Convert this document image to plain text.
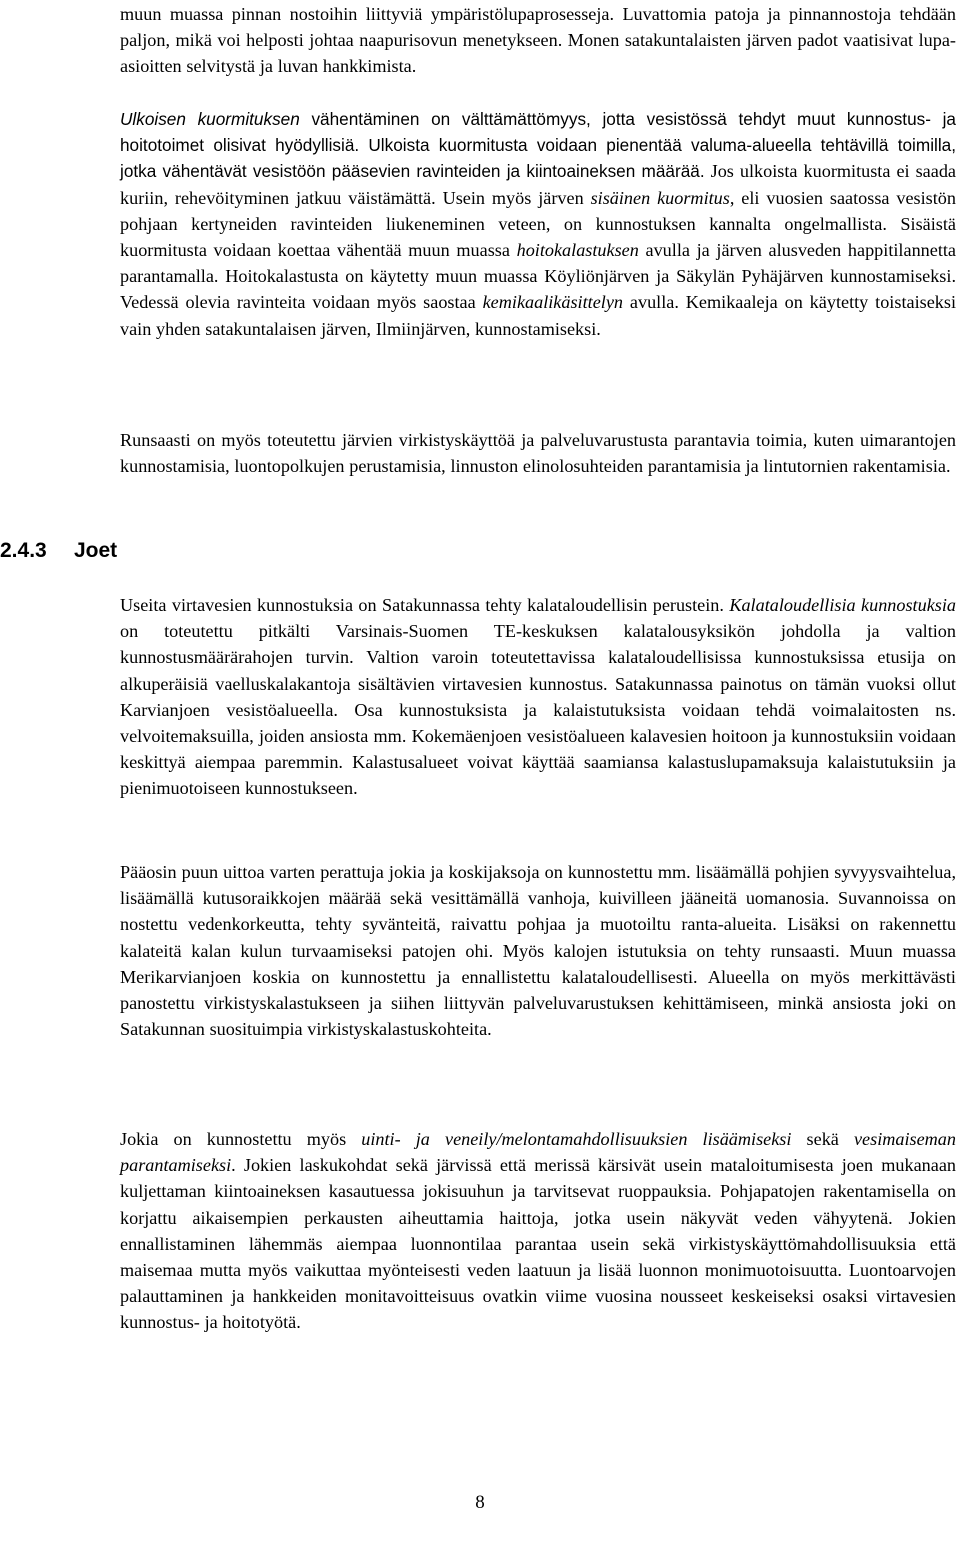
muun muassa pinnan nostoihin liittyviä ympäristölupaprosesseja. Luvattomia patoja ja pinnannostoja tehdään paljon, mikä voi helposti johtaa naapurisovun menetykseen. Monen satakuntalaisten järven padot vaatisivat lupa-asioitten selvitystä ja luvan hankkimista.

Ulkoisen kuormituksen vähentäminen on välttämättömyys, jotta vesistössä tehdyt muut kunnostus- ja hoitotoimet olisivat hyödyllisiä. Ulkoista kuormitusta voidaan pienentää valuma-alueella tehtävillä toimilla, jotka vähentävät vesistöön pääsevien ravinteiden ja kiintoaineksen määrää. Jos ulkoista kuormitusta ei saada kuriin, rehevöityminen jatkuu väistämättä. Usein myös järven sisäinen kuormitus, eli vuosien saatossa vesistön pohjaan kertyneiden ravinteiden liukeneminen veteen, on kunnostuksen kannalta ongelmallista. Sisäistä kuormitusta voidaan koettaa vähentää muun muassa hoitokalastuksen avulla ja järven alusveden happitilannetta parantamalla. Hoitokalastusta on käytetty muun muassa Köyliönjärven ja Säkylän Pyhäjärven kunnostamiseksi. Vedessä olevia ravinteita voidaan myös saostaa kemikaalikäsittelyn avulla. Kemikaaleja on käytetty toistaiseksi vain yhden satakuntalaisen järven, Ilmiinjärven, kunnostamiseksi.

Runsaasti on myös toteutettu järvien virkistyskäyttöä ja palveluvarustusta parantavia toimia, kuten uimarantojen kunnostamisia, luontopolkujen perustamisia, linnuston elinolosuhteiden parantamisia ja lintutornien rakentamisia.

2.4.3 Joet

Useita virtavesien kunnostuksia on Satakunnassa tehty kalataloudellisin perustein. Kalataloudellisia kunnostuksia on toteutettu pitkälti Varsinais-Suomen TE-keskuksen kalatalousyksikön johdolla ja valtion kunnostusmäärärahojen turvin. Valtion varoin toteutettavissa kalataloudellisissa kunnostuksissa etusija on alkuperäisiä vaelluskalakantoja sisältävien virtavesien kunnostus. Satakunnassa painotus on tämän vuoksi ollut Karvianjoen vesistöalueella. Osa kunnostuksista ja kalaistutuksista voidaan tehdä voimalaitosten ns. velvoitemaksuilla, joiden ansiosta mm. Kokemäenjoen vesistöalueen kalavesien hoitoon ja kunnostuksiin voidaan keskittyä aiempaa paremmin. Kalastusalueet voivat käyttää saamiansa kalastuslupamaksuja kalaistutuksiin ja pienimuotoiseen kunnostukseen.

Pääosin puun uittoa varten perattuja jokia ja koskijaksoja on kunnostettu mm. lisäämällä pohjien syvyysvaihtelua, lisäämällä kutusoraikkojen määrää sekä vesittämällä vanhoja, kuivilleen jääneitä uomanosia. Suvannoissa on nostettu vedenkorkeutta, tehty syvänteitä, raivattu pohjaa ja muotoiltu ranta-alueita. Lisäksi on rakennettu kalateitä kalan kulun turvaamiseksi patojen ohi. Myös kalojen istutuksia on tehty runsaasti. Muun muassa Merikarvianjoen koskia on kunnostettu ja ennallistettu kalataloudellisesti. Alueella on myös merkittävästi panostettu virkistyskalastukseen ja siihen liittyvän palveluvarustuksen kehittämiseen, minkä ansiosta joki on Satakunnan suosituimpia virkistyskalastuskohteita.

Jokia on kunnostettu myös uinti- ja veneily/melontamahdollisuuksien lisäämiseksi sekä vesimaiseman parantamiseksi. Jokien laskukohdat sekä järvissä että merissä kärsivät usein mataloitumisesta joen mukanaan kuljettaman kiintoaineksen kasautuessa jokisuuhun ja tarvitsevat ruoppauksia. Pohjapatojen rakentamisella on korjattu aikaisempien perkausten aiheuttamia haittoja, jotka usein näkyvät veden vähyytenä. Jokien ennallistaminen lähemmäs aiempaa luonnontilaa parantaa usein sekä virkistyskäyttömahdollisuuksia että maisemaa mutta myös vaikuttaa myönteisesti veden laatuun ja lisää luonnon monimuotoisuutta. Luontoarvojen palauttaminen ja hankkeiden monitavoitteisuus ovatkin viime vuosina nousseet keskeiseksi osaksi virtavesien kunnostus- ja hoitotyötä.

8
